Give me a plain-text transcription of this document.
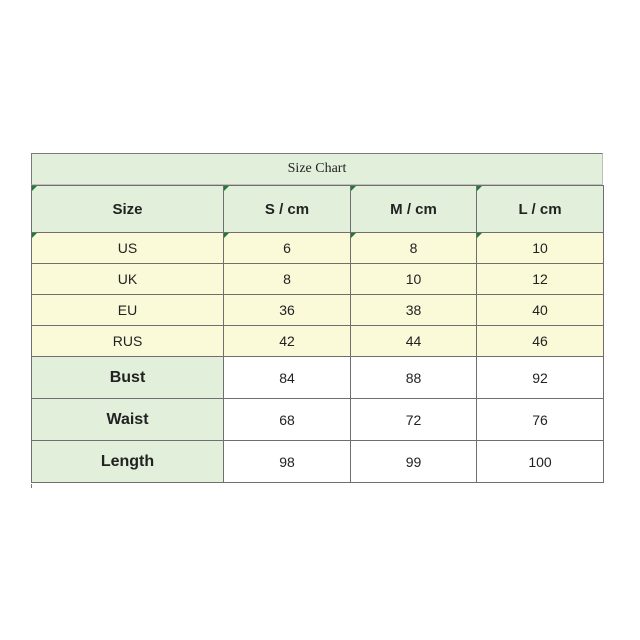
Size Chart
Size	S / cm	M / cm	L / cm
US	6	8	10
UK	8	10	12
EU	36	38	40
RUS	42	44	46
Bust	84	88	92
Waist	68	72	76
Length	98	99	100
